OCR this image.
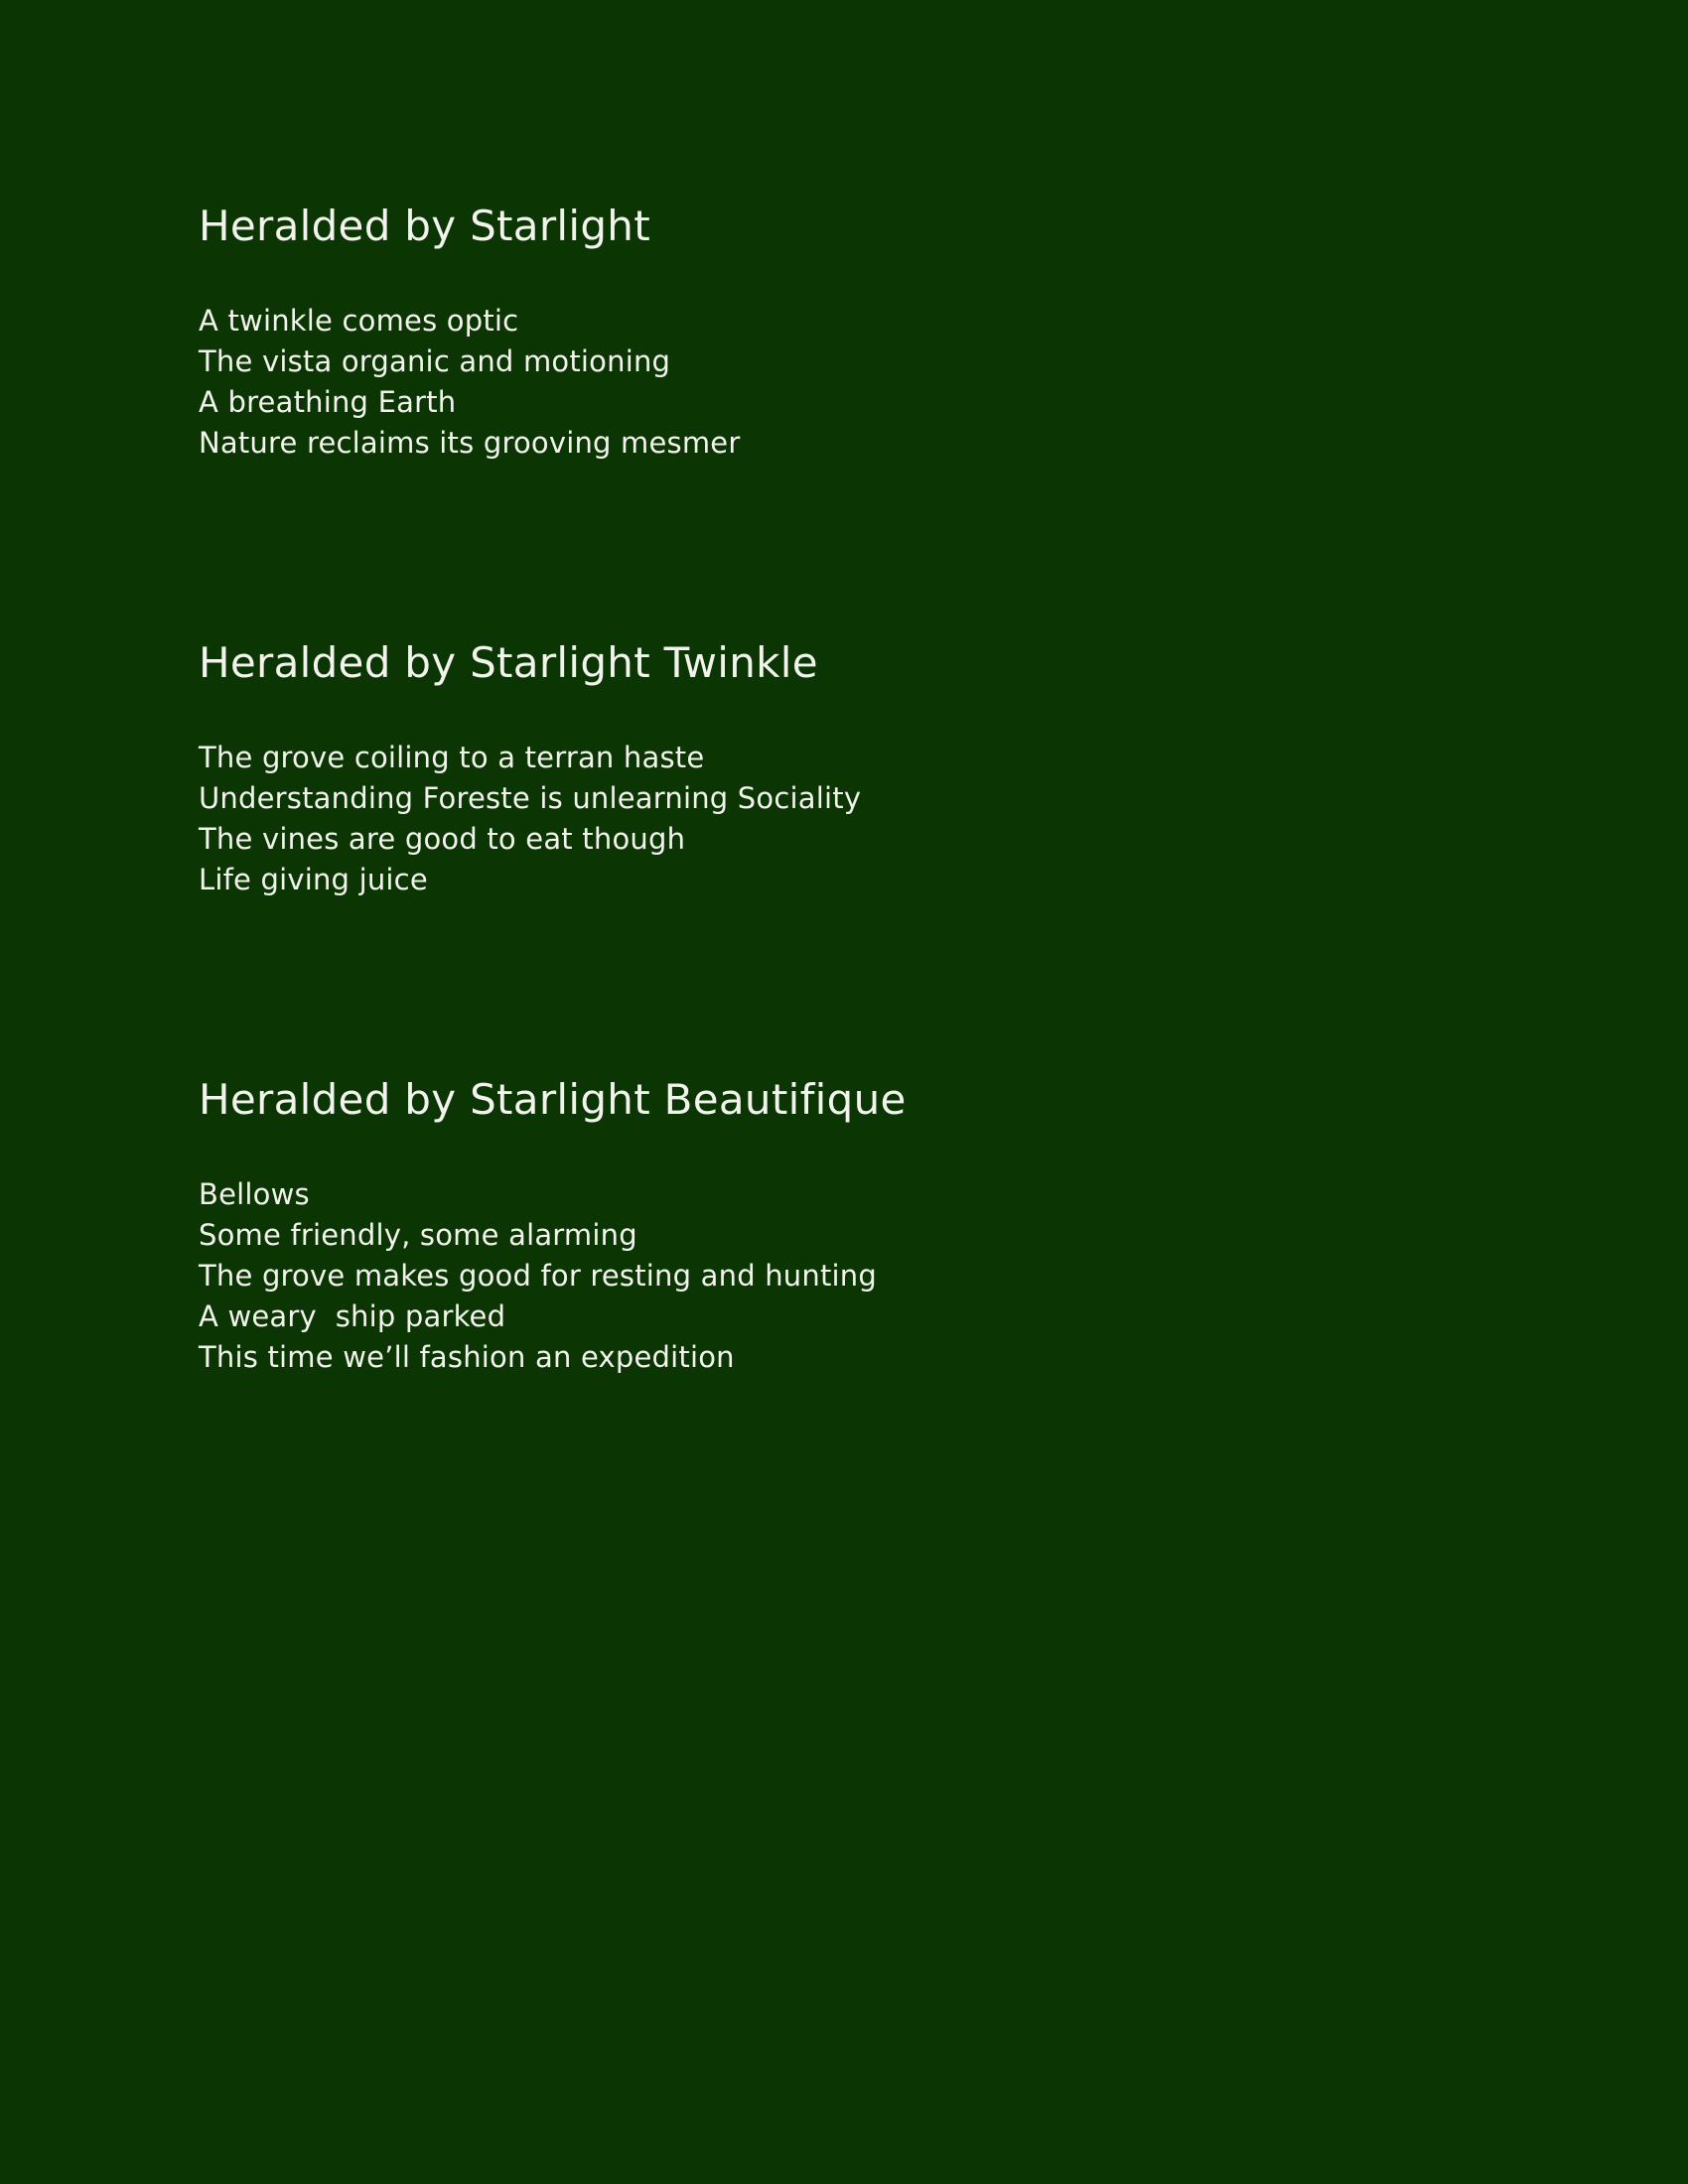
Heralded by Starlight
A twinkle comes optic
The vista organic and motioning
A breathing Earth
Nature reclaims its grooving mesmer
Heralded by Starlight Twinkle
The grove coiling to a terran haste
Understanding Foreste is unlearning Sociality
The vines are good to eat though
Life giving juice
Heralded by Starlight Beautifique
Bellows
Some friendly, some alarming
The grove makes good for resting and hunting
A weary  ship parked
This time we’ll fashion an expedition
